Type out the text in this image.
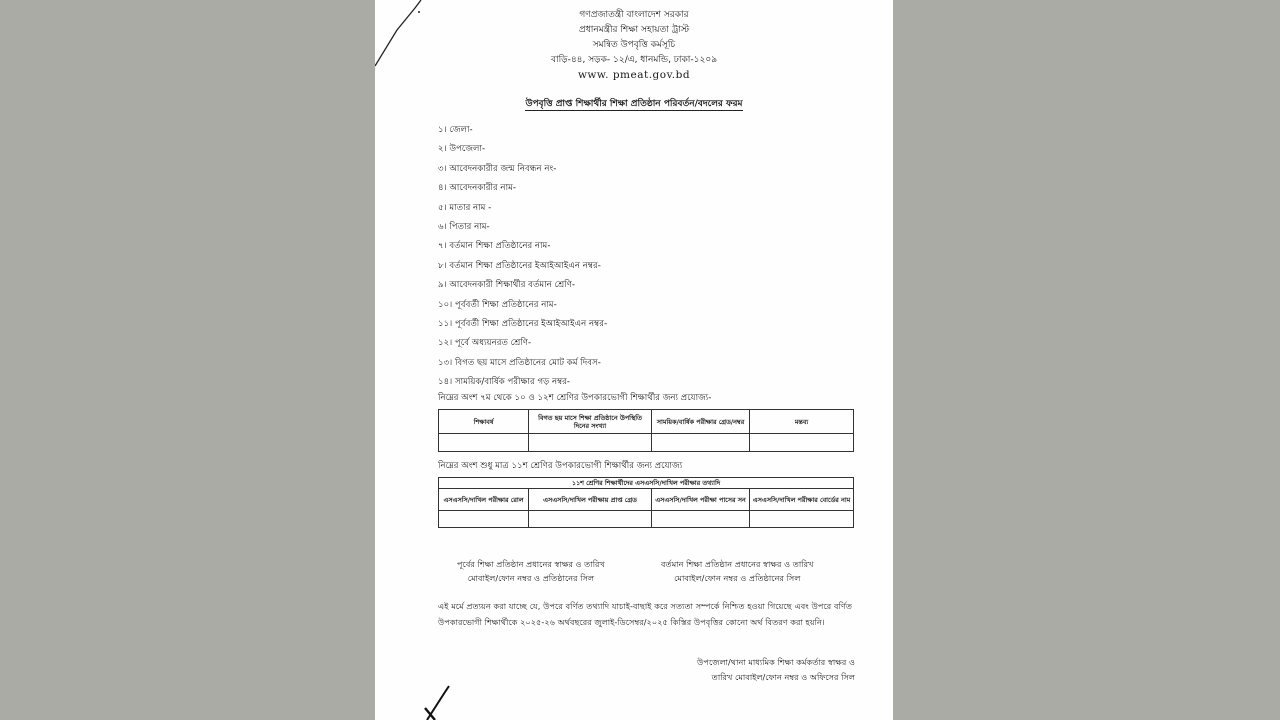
গণপ্রজাতন্ত্রী বাংলাদেশ সরকার
প্রধানমন্ত্রীর শিক্ষা সহায়তা ট্রাস্ট
সমন্বিত উপবৃত্তি কর্মসূচি
বাড়ি-৪৪, সড়ক- ১২/এ, ধানমন্ডি, ঢাকা-১২০৯
www. pmeat.gov.bd
উপবৃত্তি প্রাপ্ত শিক্ষার্থীর শিক্ষা প্রতিষ্ঠান পরিবর্তন/বদলের ফরম
১। জেলা-
২। উপজেলা-
৩। আবেদনকারীর জন্ম নিবন্ধন নং-
৪। আবেদনকারীর নাম-
৫। মাতার নাম -
৬। পিতার নাম-
৭। বর্তমান শিক্ষা প্রতিষ্ঠানের নাম-
৮। বর্তমান শিক্ষা প্রতিষ্ঠানের ইআইআইএন নম্বর-
৯। আবেদনকারী শিক্ষার্থীর বর্তমান শ্রেণি-
১০। পূর্ববর্তী শিক্ষা প্রতিষ্ঠানের নাম-
১১। পূর্ববর্তী শিক্ষা প্রতিষ্ঠানের ইআইআইএন নম্বর-
১২। পূর্বে অধ্যয়নরত শ্রেণি-
১৩। বিগত ছয় মাসে প্রতিষ্ঠানের মোট কর্ম দিবস-
১৪। সাময়িক/বার্ষিক পরীক্ষার গড় নম্বর-
নিম্নের অংশ ৭ম থেকে ১০ ও ১২শ শ্রেণির উপকারভোগী শিক্ষার্থীর জন্য প্রযোজ্য-
শিক্ষাবর্ষ	বিগত ছয় মাসে শিক্ষা প্রতিষ্ঠানে উপস্থিতি দিনের সংখ্যা	সাময়িক/বার্ষিক পরীক্ষার গ্রেড/নম্বর	মন্তব্য

নিম্নের অংশ শুধু মাত্র ১১শ শ্রেণির উপকারভোগী শিক্ষার্থীর জন্য প্রযোজ্য
১১শ শ্রেণির শিক্ষার্থীদের এসএসসি/দাখিল পরীক্ষার তথ্যাদি			
এসএসসি/দাখিল পরীক্ষার রোল	এসএসসি/দাখিল পরীক্ষায় প্রাপ্ত গ্রেড	এসএসসি/দাখিল পরীক্ষা পাসের সন	এসএসসি/দাখিল পরীক্ষার বোর্ডের নাম

পূর্বের শিক্ষা প্রতিষ্ঠান প্রধানের স্বাক্ষর ও তারিখ
মোবাইল/ফোন নম্বর ও প্রতিষ্ঠানের সিল
বর্তমান শিক্ষা প্রতিষ্ঠান প্রধানের স্বাক্ষর ও তারিখ
মোবাইল/ফোন নম্বর ও প্রতিষ্ঠানের সিল
এই মর্মে প্রত্যয়ন করা যাচ্ছে যে, উপরে বর্ণিত তথ্যাদি যাচাই-বাছাই করে সত্যতা সম্পর্কে নিশ্চিত হওয়া গিয়েছে এবং উপরে বর্ণিত উপকারভোগী শিক্ষার্থীকে ২০২৫-২৬ অর্থবছরের জুলাই-ডিসেম্বর/২০২৫ কিস্তির উপবৃত্তির কোনো অর্থ বিতরণ করা হয়নি।
উপজেলা/থানা মাধ্যমিক শিক্ষা কর্মকর্তার স্বাক্ষর ও
তারিখ মোবাইল/ফোন নম্বর ও অফিসের সিল
